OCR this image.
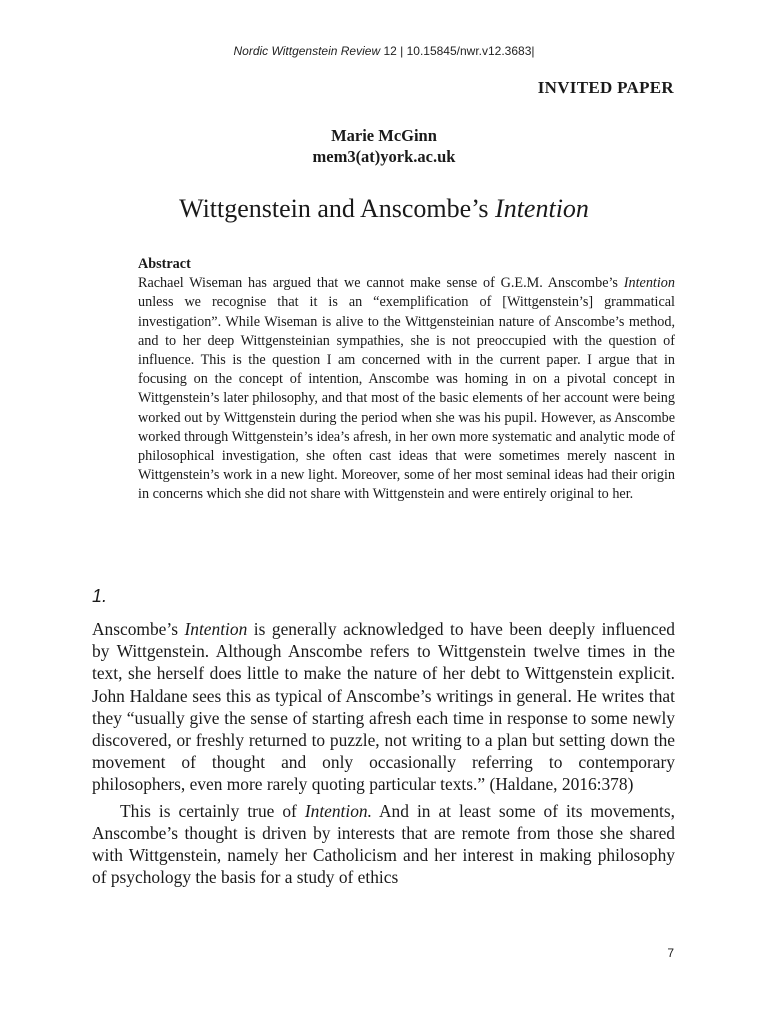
Nordic Wittgenstein Review 12 | 10.15845/nwr.v12.3683|
INVITED PAPER
Marie McGinn
mem3(at)york.ac.uk
Wittgenstein and Anscombe’s Intention
Abstract

Rachael Wiseman has argued that we cannot make sense of G.E.M. Anscombe’s Intention unless we recognise that it is an “exemplification of [Wittgenstein’s] grammatical investigation”. While Wiseman is alive to the Wittgensteinian nature of Anscombe’s method, and to her deep Wittgensteinian sympathies, she is not preoccupied with the question of influence. This is the question I am concerned with in the current paper. I argue that in focusing on the concept of intention, Anscombe was homing in on a pivotal concept in Wittgenstein’s later philosophy, and that most of the basic elements of her account were being worked out by Wittgenstein during the period when she was his pupil. However, as Anscombe worked through Wittgenstein’s idea’s afresh, in her own more systematic and analytic mode of philosophical investigation, she often cast ideas that were sometimes merely nascent in Wittgenstein’s work in a new light. Moreover, some of her most seminal ideas had their origin in concerns which she did not share with Wittgenstein and were entirely original to her.

1.

Anscombe’s Intention is generally acknowledged to have been deeply influenced by Wittgenstein. Although Anscombe refers to Wittgenstein twelve times in the text, she herself does little to make the nature of her debt to Wittgenstein explicit. John Haldane sees this as typical of Anscombe’s writings in general. He writes that they “usually give the sense of starting afresh each time in response to some newly discovered, or freshly returned to puzzle, not writing to a plan but setting down the movement of thought and only occasionally referring to contemporary philosophers, even more rarely quoting particular texts.” (Haldane, 2016:378)

This is certainly true of Intention. And in at least some of its movements, Anscombe’s thought is driven by interests that are remote from those she shared with Wittgenstein, namely her Catholicism and her interest in making philosophy of psychology the basis for a study of ethics

7
